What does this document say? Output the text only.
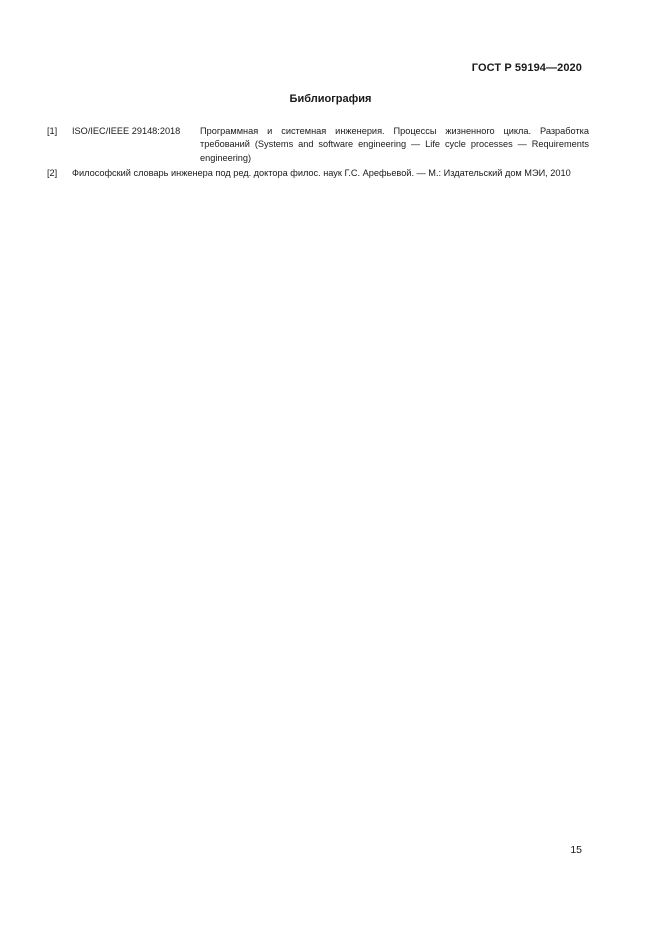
ГОСТ Р 59194—2020
Библиография
[1]	ISO/IEC/IEEE 29148:2018	Программная и системная инженерия. Процессы жизненного цикла. Разработка требований (Systems and software engineering — Life cycle processes — Requirements engineering)
[2]	Философский словарь инженера под ред. доктора филос. наук Г.С. Арефьевой. — М.: Издательский дом МЭИ, 2010
15
